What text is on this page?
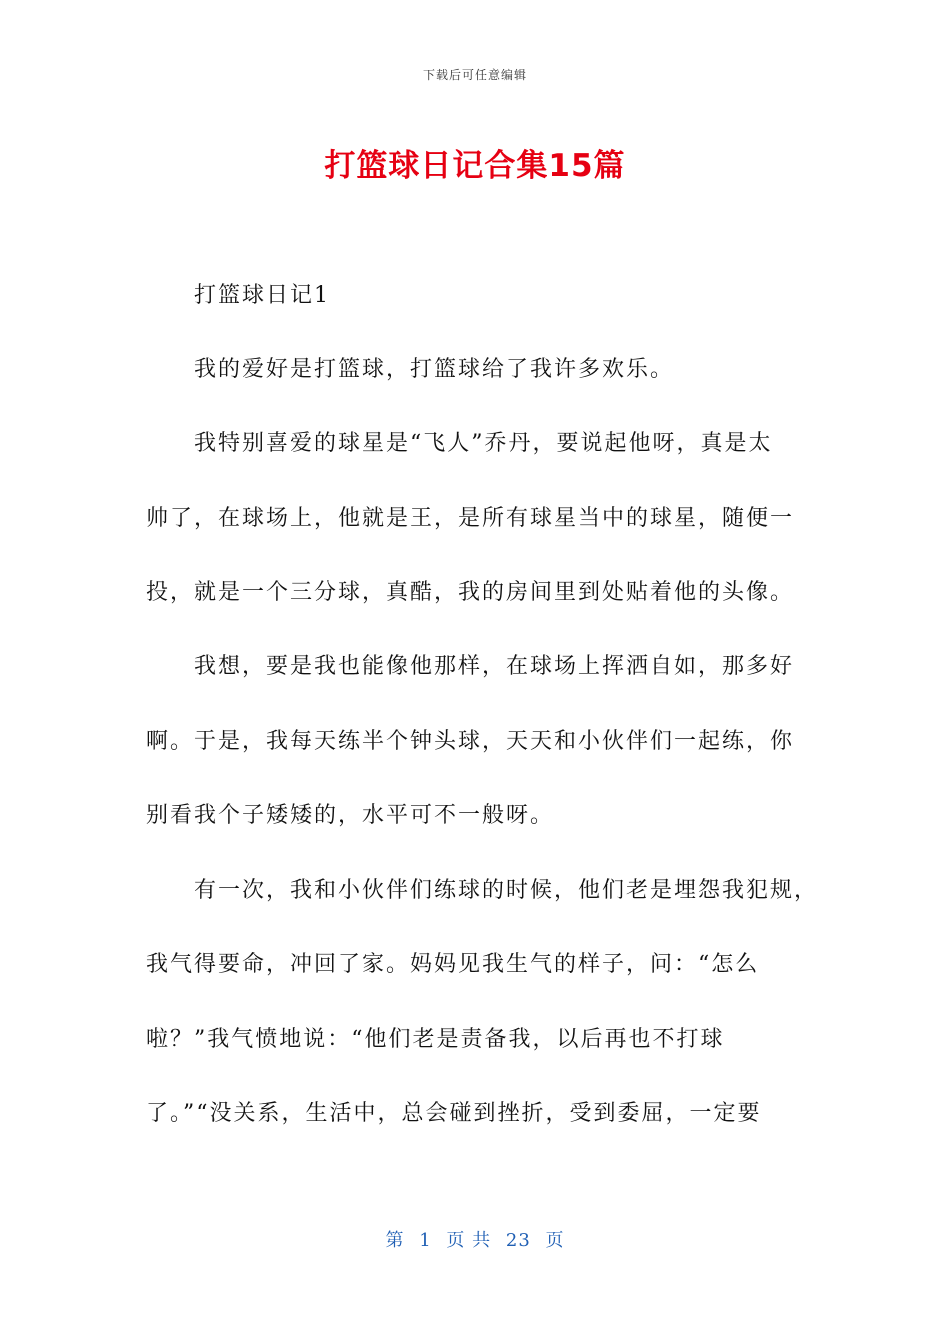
下载后可任意编辑
打篮球日记合集15篇
打篮球日记1
我的爱好是打篮球，打篮球给了我许多欢乐。
我特别喜爱的球星是“飞人”乔丹，要说起他呀，真是太
帅了，在球场上，他就是王，是所有球星当中的球星，随便一
投，就是一个三分球，真酷，我的房间里到处贴着他的头像。
我想，要是我也能像他那样，在球场上挥洒自如，那多好
啊。于是，我每天练半个钟头球，天天和小伙伴们一起练，你
别看我个子矮矮的，水平可不一般呀。
有一次，我和小伙伴们练球的时候，他们老是埋怨我犯规，
我气得要命，冲回了家。妈妈见我生气的样子，问：“怎么
啦？”我气愤地说：“他们老是责备我，以后再也不打球
了。”“没关系，生活中，总会碰到挫折，受到委屈，一定要
第 1 页 共 23 页
